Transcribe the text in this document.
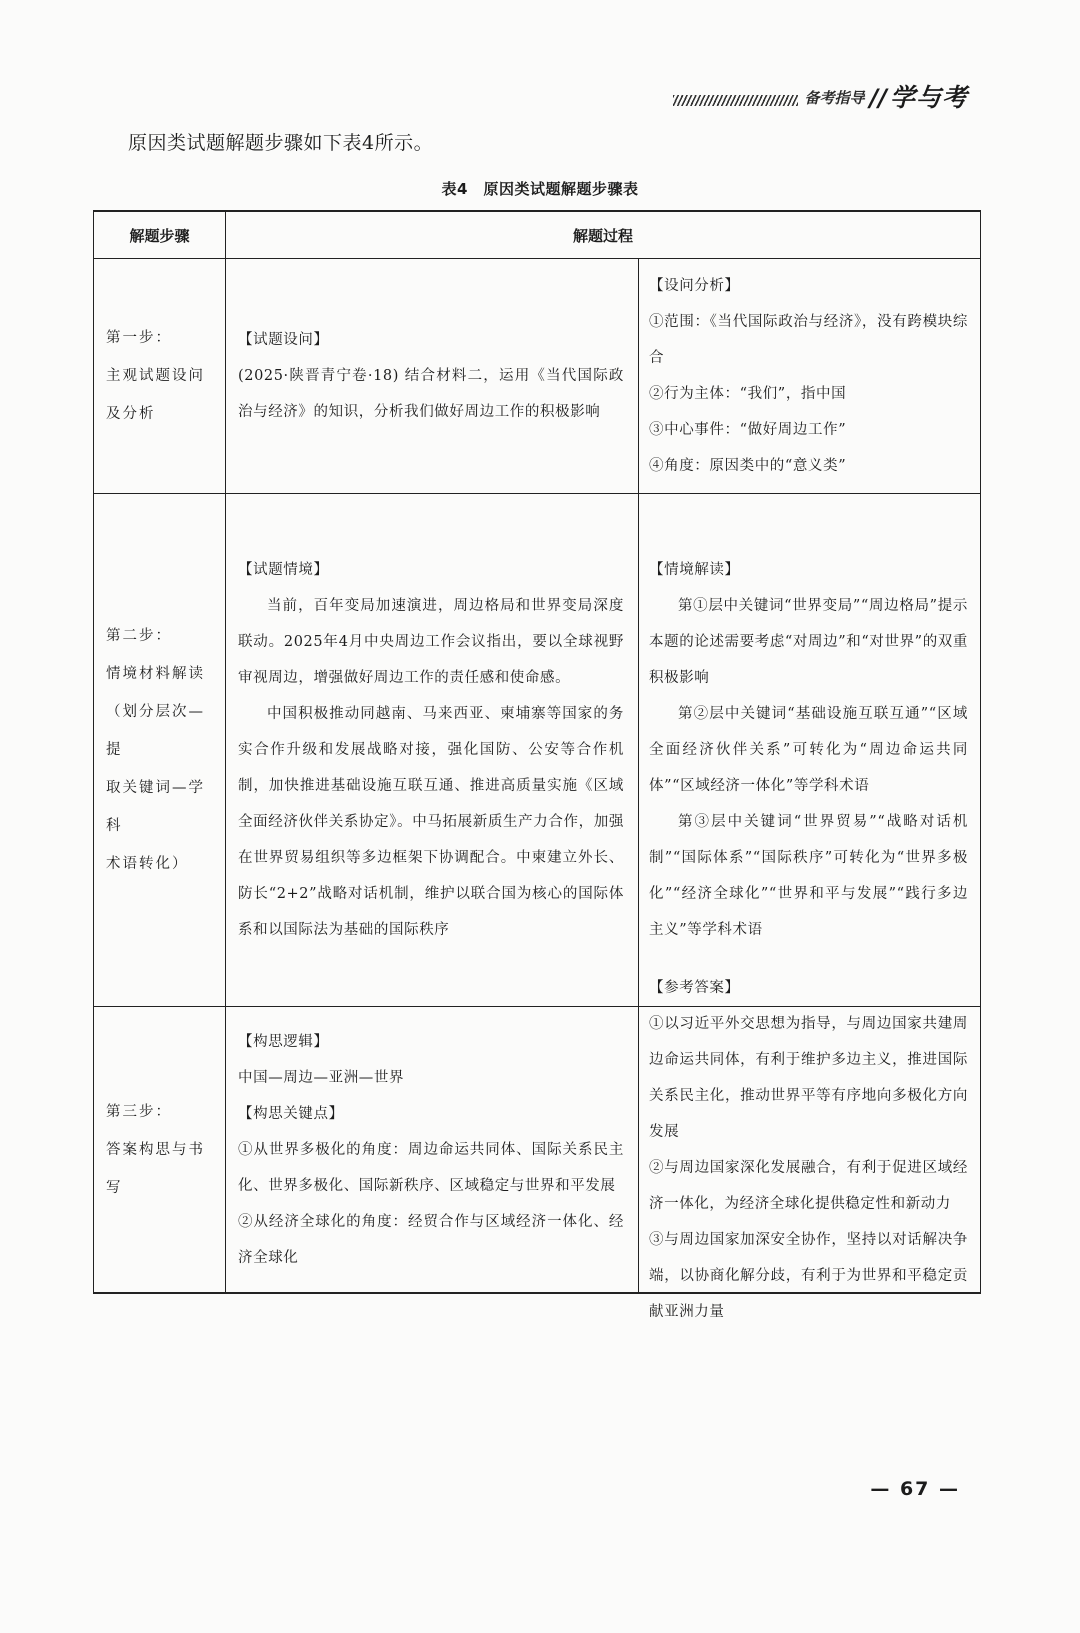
备考指导 // 学与考
原因类试题解题步骤如下表4所示。
表4　原因类试题解题步骤表
解题步骤	解题过程

第一步：

主观试题设问

及分析

【试题设问】

(2025·陕晋青宁卷·18) 结合材料二，运用《当代国际政治与经济》的知识，分析我们做好周边工作的积极影响

【设问分析】

①范围：《当代国际政治与经济》，没有跨模块综合

②行为主体：“我们”，指中国

③中心事件：“做好周边工作”

④角度：原因类中的“意义类”

第二步：

情境材料解读

（划分层次—提

取关键词—学科

术语转化）

【试题情境】

当前，百年变局加速演进，周边格局和世界变局深度联动。2025年4月中央周边工作会议指出，要以全球视野审视周边，增强做好周边工作的责任感和使命感。

中国积极推动同越南、马来西亚、柬埔寨等国家的务实合作升级和发展战略对接，强化国防、公安等合作机制，加快推进基础设施互联互通、推进高质量实施《区域全面经济伙伴关系协定》。中马拓展新质生产力合作，加强在世界贸易组织等多边框架下协调配合。中柬建立外长、防长“2+2”战略对话机制，维护以联合国为核心的国际体系和以国际法为基础的国际秩序

【情境解读】

第①层中关键词“世界变局”“周边格局”提示本题的论述需要考虑“对周边”和“对世界”的双重积极影响

第②层中关键词“基础设施互联互通”“区域全面经济伙伴关系”可转化为“周边命运共同体”“区域经济一体化”等学科术语

第③层中关键词“世界贸易”“战略对话机制”“国际体系”“国际秩序”可转化为“世界多极化”“经济全球化”“世界和平与发展”“践行多边主义”等学科术语

第三步：

答案构思与书写

【构思逻辑】

中国—周边—亚洲—世界

【构思关键点】

①从世界多极化的角度：周边命运共同体、国际关系民主化、世界多极化、国际新秩序、区域稳定与世界和平发展

②从经济全球化的角度：经贸合作与区域经济一体化、经济全球化

【参考答案】

①以习近平外交思想为指导，与周边国家共建周边命运共同体，有利于维护多边主义，推进国际关系民主化，推动世界平等有序地向多极化方向发展

②与周边国家深化发展融合，有利于促进区域经济一体化，为经济全球化提供稳定性和新动力

③与周边国家加深安全协作，坚持以对话解决争端，以协商化解分歧，有利于为世界和平稳定贡献亚洲力量

— 67 —
